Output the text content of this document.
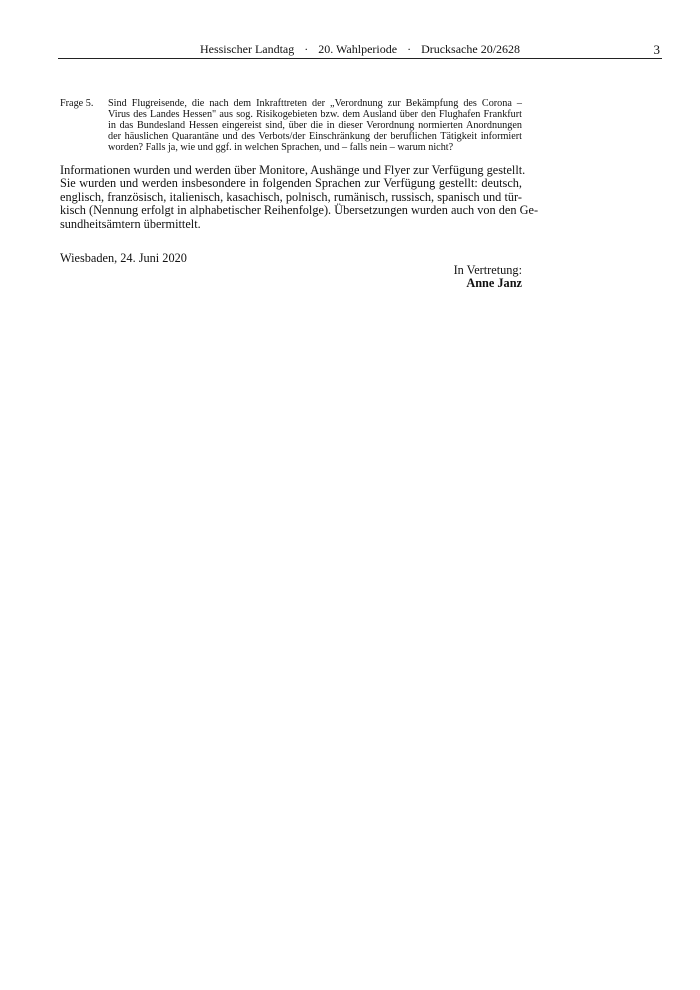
Hessischer Landtag · 20. Wahlperiode · Drucksache 20/2628	3
Frage 5. Sind Flugreisende, die nach dem Inkrafttreten der „Verordnung zur Bekämpfung des Corona –
Virus des Landes Hessen" aus sog. Risikogebieten bzw. dem Ausland über den Flughafen Frankfurt
in das Bundesland Hessen eingereist sind, über die in dieser Verordnung normierten Anordnungen
der häuslichen Quarantäne und des Verbots/der Einschränkung der beruflichen Tätigkeit informiert
worden? Falls ja, wie und ggf. in welchen Sprachen, und – falls nein – warum nicht?
Informationen wurden und werden über Monitore, Aushänge und Flyer zur Verfügung gestellt.
Sie wurden und werden insbesondere in folgenden Sprachen zur Verfügung gestellt: deutsch,
englisch, französisch, italienisch, kasachisch, polnisch, rumänisch, russisch, spanisch und tür-
kisch (Nennung erfolgt in alphabetischer Reihenfolge). Übersetzungen wurden auch von den Ge-
sundheitsämtern übermittelt.
Wiesbaden, 24. Juni 2020
In Vertretung:
Anne Janz
